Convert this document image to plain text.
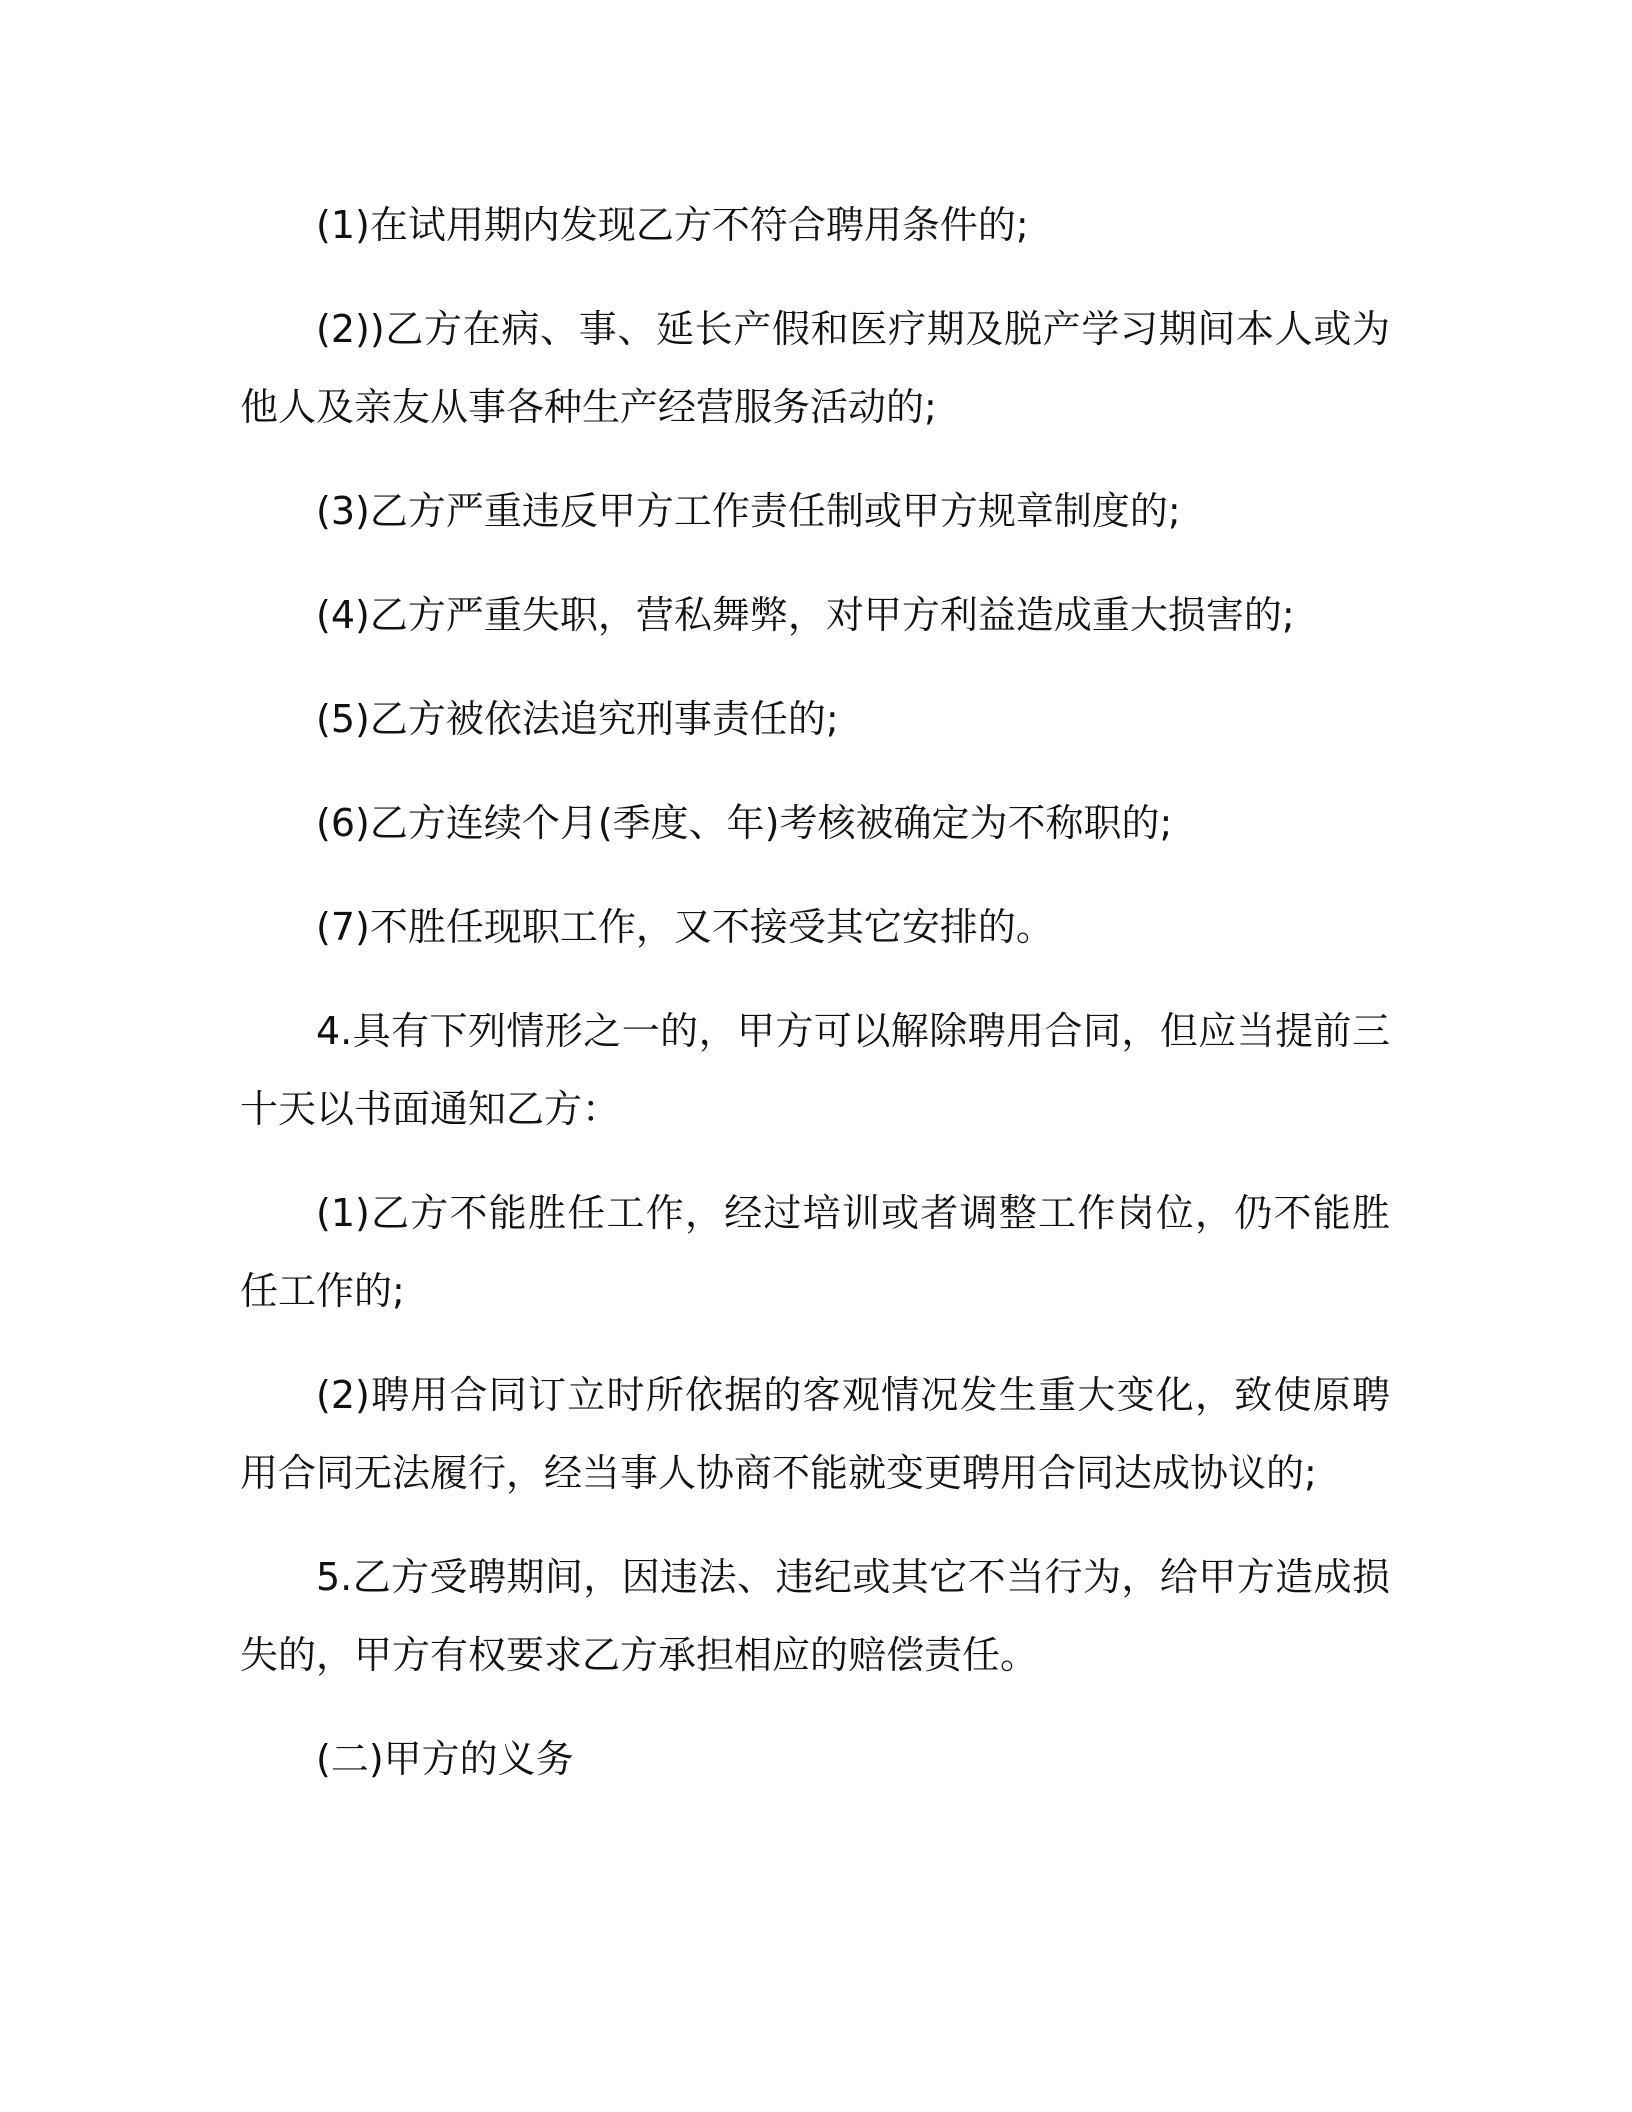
(1)在试用期内发现乙方不符合聘用条件的;

(2))乙方在病、事、延长产假和医疗期及脱产学习期间本人或为他人及亲友从事各种生产经营服务活动的;

(3)乙方严重违反甲方工作责任制或甲方规章制度的;

(4)乙方严重失职，营私舞弊，对甲方利益造成重大损害的;

(5)乙方被依法追究刑事责任的;

(6)乙方连续个月(季度、年)考核被确定为不称职的;

(7)不胜任现职工作，又不接受其它安排的。

4.具有下列情形之一的，甲方可以解除聘用合同，但应当提前三十天以书面通知乙方：

(1)乙方不能胜任工作，经过培训或者调整工作岗位，仍不能胜任工作的;

(2)聘用合同订立时所依据的客观情况发生重大变化，致使原聘用合同无法履行，经当事人协商不能就变更聘用合同达成协议的;

5.乙方受聘期间，因违法、违纪或其它不当行为，给甲方造成损失的，甲方有权要求乙方承担相应的赔偿责任。

(二)甲方的义务
